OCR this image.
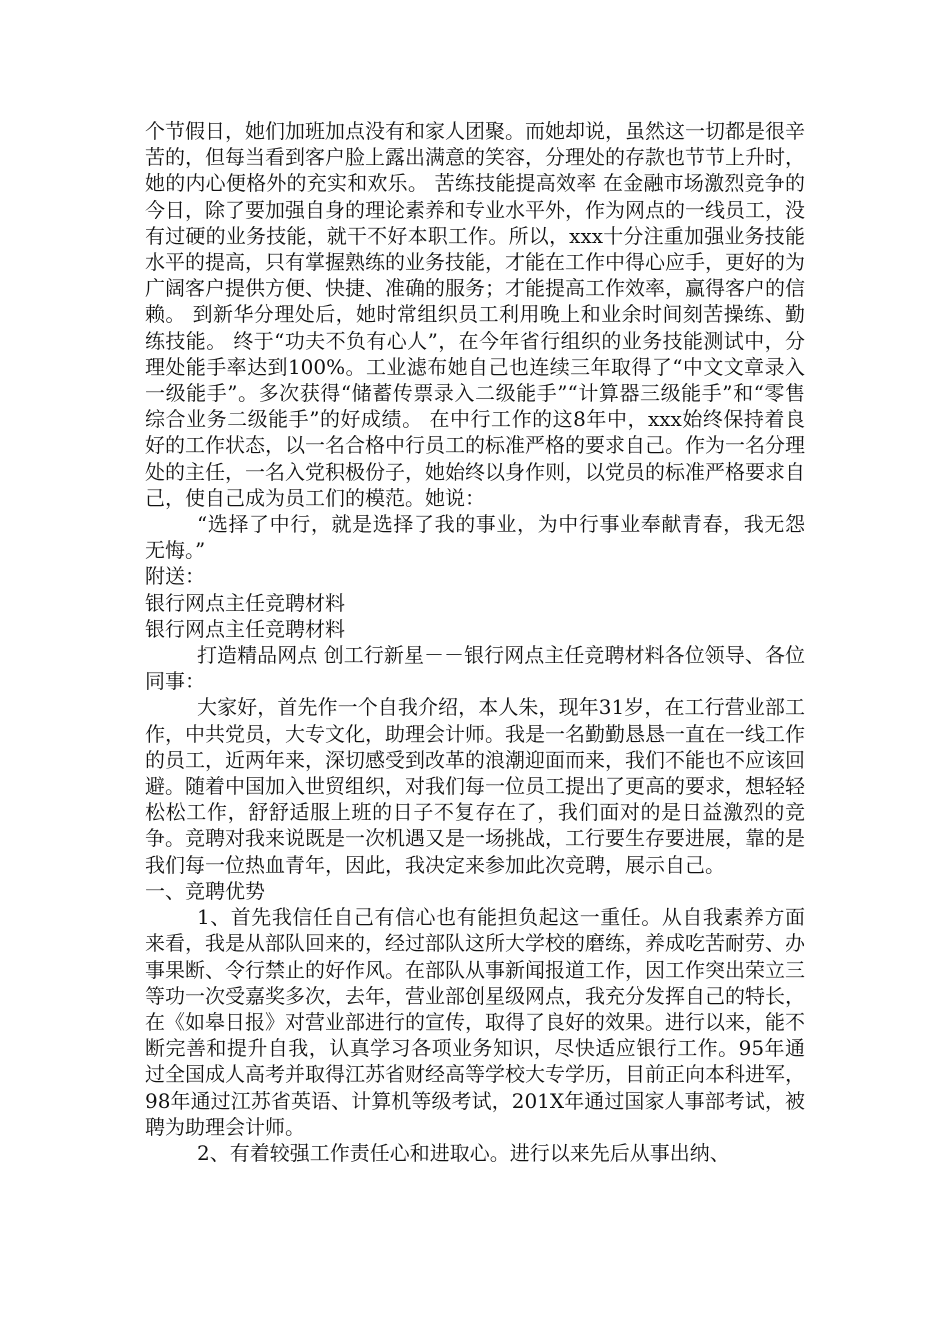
个节假日，她们加班加点没有和家人团聚。而她却说，虽然这一切都是很辛苦的，但每当看到客户脸上露出满意的笑容，分理处的存款也节节上升时，她的内心便格外的充实和欢乐。 苦练技能提高效率 在金融市场激烈竞争的今日，除了要加强自身的理论素养和专业水平外，作为网点的一线员工，没有过硬的业务技能，就干不好本职工作。所以，xxx十分注重加强业务技能水平的提高，只有掌握熟练的业务技能，才能在工作中得心应手，更好的为广阔客户提供方便、快捷、准确的服务；才能提高工作效率，赢得客户的信赖。 到新华分理处后，她时常组织员工利用晚上和业余时间刻苦操练、勤练技能。 终于“功夫不负有心人”，在今年省行组织的业务技能测试中，分理处能手率达到100%。工业滤布她自己也连续三年取得了“中文文章录入一级能手”。多次获得“储蓄传票录入二级能手”“计算器三级能手”和“零售综合业务二级能手”的好成绩。 在中行工作的这8年中，xxx始终保持着良好的工作状态，以一名合格中行员工的标准严格的要求自己。作为一名分理处的主任，一名入党积极份子，她始终以身作则，以党员的标准严格要求自己，使自己成为员工们的模范。她说：

“选择了中行，就是选择了我的事业，为中行事业奉献青春，我无怨无悔。”

附送：

银行网点主任竞聘材料

银行网点主任竞聘材料

打造精品网点 创工行新星－－银行网点主任竞聘材料各位领导、各位同事：

大家好，首先作一个自我介绍，本人朱，现年31岁，在工行营业部工作，中共党员，大专文化，助理会计师。我是一名勤勤恳恳一直在一线工作的员工，近两年来，深切感受到改革的浪潮迎面而来，我们不能也不应该回避。随着中国加入世贸组织，对我们每一位员工提出了更高的要求，想轻轻松松工作，舒舒适服上班的日子不复存在了，我们面对的是日益激烈的竞争。竞聘对我来说既是一次机遇又是一场挑战，工行要生存要进展，靠的是我们每一位热血青年，因此，我决定来参加此次竞聘，展示自己。

一、竞聘优势

1、首先我信任自己有信心也有能担负起这一重任。从自我素养方面来看，我是从部队回来的，经过部队这所大学校的磨练，养成吃苦耐劳、办事果断、令行禁止的好作风。在部队从事新闻报道工作，因工作突出荣立三等功一次受嘉奖多次，去年，营业部创星级网点，我充分发挥自己的特长，在《如皋日报》对营业部进行的宣传，取得了良好的效果。进行以来，能不断完善和提升自我，认真学习各项业务知识，尽快适应银行工作。95年通过全国成人高考并取得江苏省财经高等学校大专学历，目前正向本科进军，98年通过江苏省英语、计算机等级考试，201X年通过国家人事部考试，被聘为助理会计师。

2、有着较强工作责任心和进取心。进行以来先后从事出纳、
